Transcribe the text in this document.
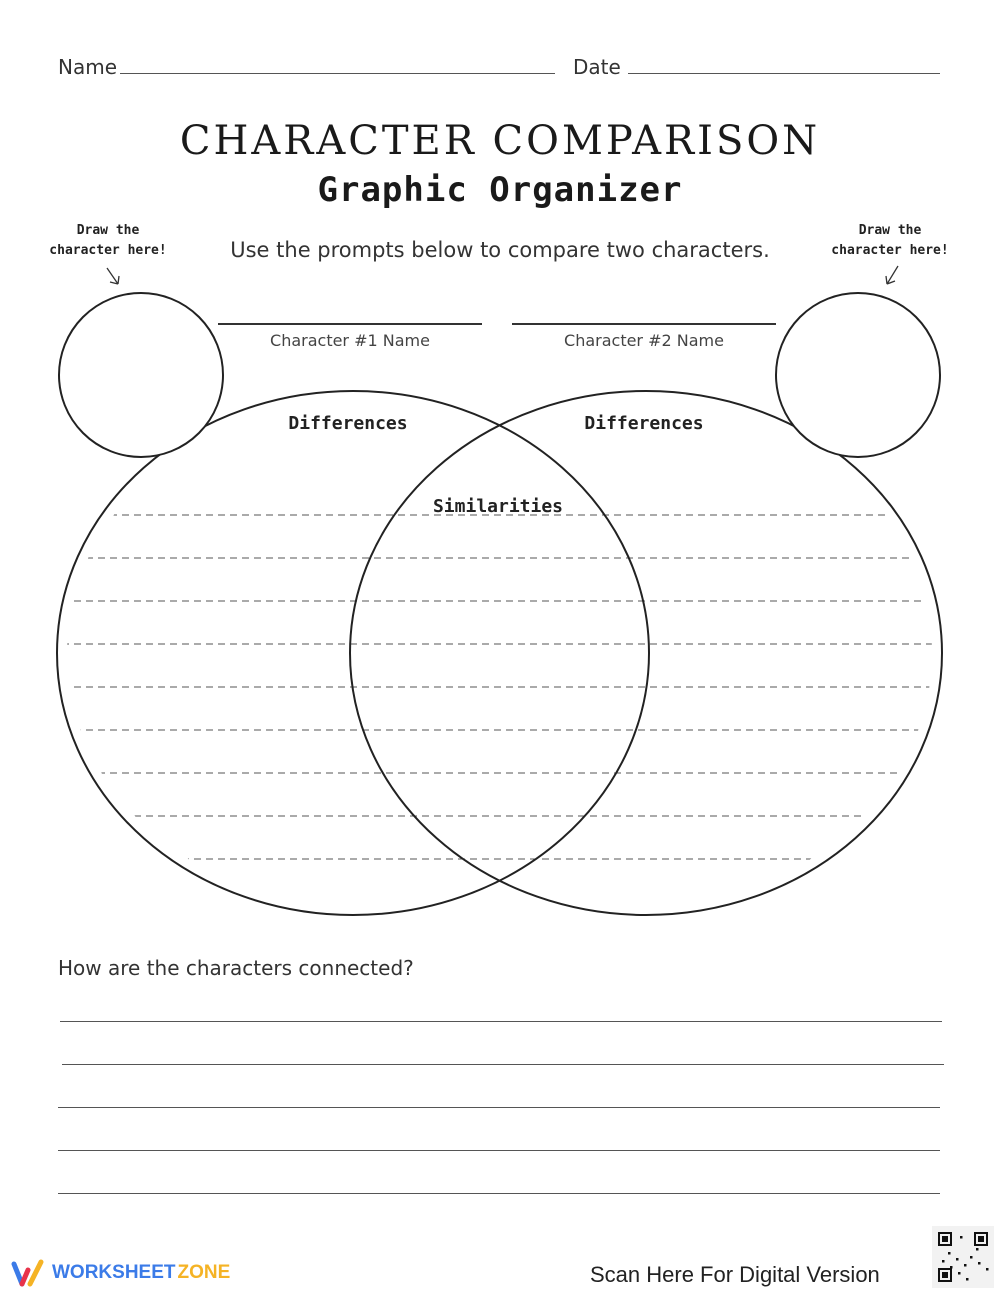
Name	Date
CHARACTER COMPARISON
Graphic Organizer
Use the prompts below to compare two characters.
Draw the
character here!
Draw the
character here!
Character #1 Name	Character #2 Name
Differences
Similarities
Differences
How are the characters connected?
WORKSHEET ZONE	Scan Here For Digital Version
